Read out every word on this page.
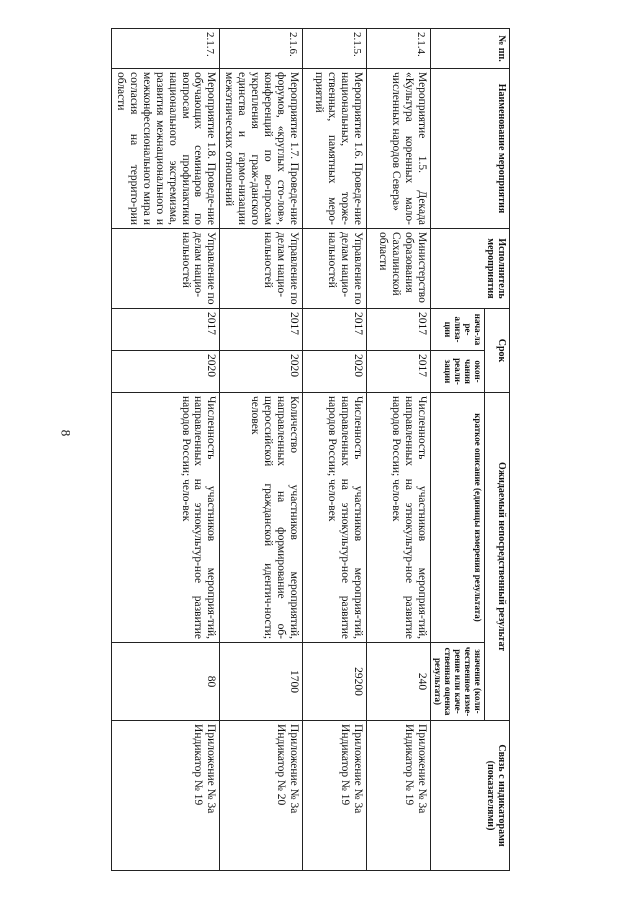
8
№ пп.	Наименование мероприятия	Исполнитель мероприятия	Срок		Ожидаемый непосредственный результат		Связь с индикаторами (показателями)
			нача-ла ре-ализа-ции	окон-чания реали-зации	краткое описание (единицы измерения результата)	значение (коли-чественное изме-рение или каче-ственная оценка результата)	
2.1.4.	Мероприятие 1.5. Декада «Культура коренных мало-численных народов Севера»	Министерство образования Сахалинской области	2017	2017	Численность участников мероприя-тий, направленных на этнокультур-ное развитие народов России; чело-век	240	Приложение № 3а Индикатор № 19
2.1.5.	Мероприятие 1.6. Проведе-ние национальных, торже-ственных, памятных меро-приятий	Управление по делам нацио-нальностей	2017	2020	Численность участников мероприя-тий, направленных на этнокультур-ное развитие народов России; чело-век	29200	Приложение № 3а Индикатор № 19
2.1.6.	Мероприятие 1.7. Проведе-ние форумов, «круглых сто-лов», конференций по во-просам укрепления граж-данского единства и гармо-низации межэтнических отношений	Управление по делам нацио-нальностей	2017	2020	Количество участников мероприятий, направленных на формирование об-щероссийской гражданской идентич-ности; человек	1700	Приложение № 3а Индикатор № 20
2.1.7.	Мероприятие 1.8. Проведе-ние обучающих семинаров по вопросам профилактики национального экстремизма, развития межнационального и межконфессионального мира и согласия на террито-рии области	Управление по делам нацио-нальностей	2017	2020	Численность участников мероприя-тий, направленных на этнокультур-ное развитие народов России; чело-век	80	Приложение № 3а Индикатор № 19
